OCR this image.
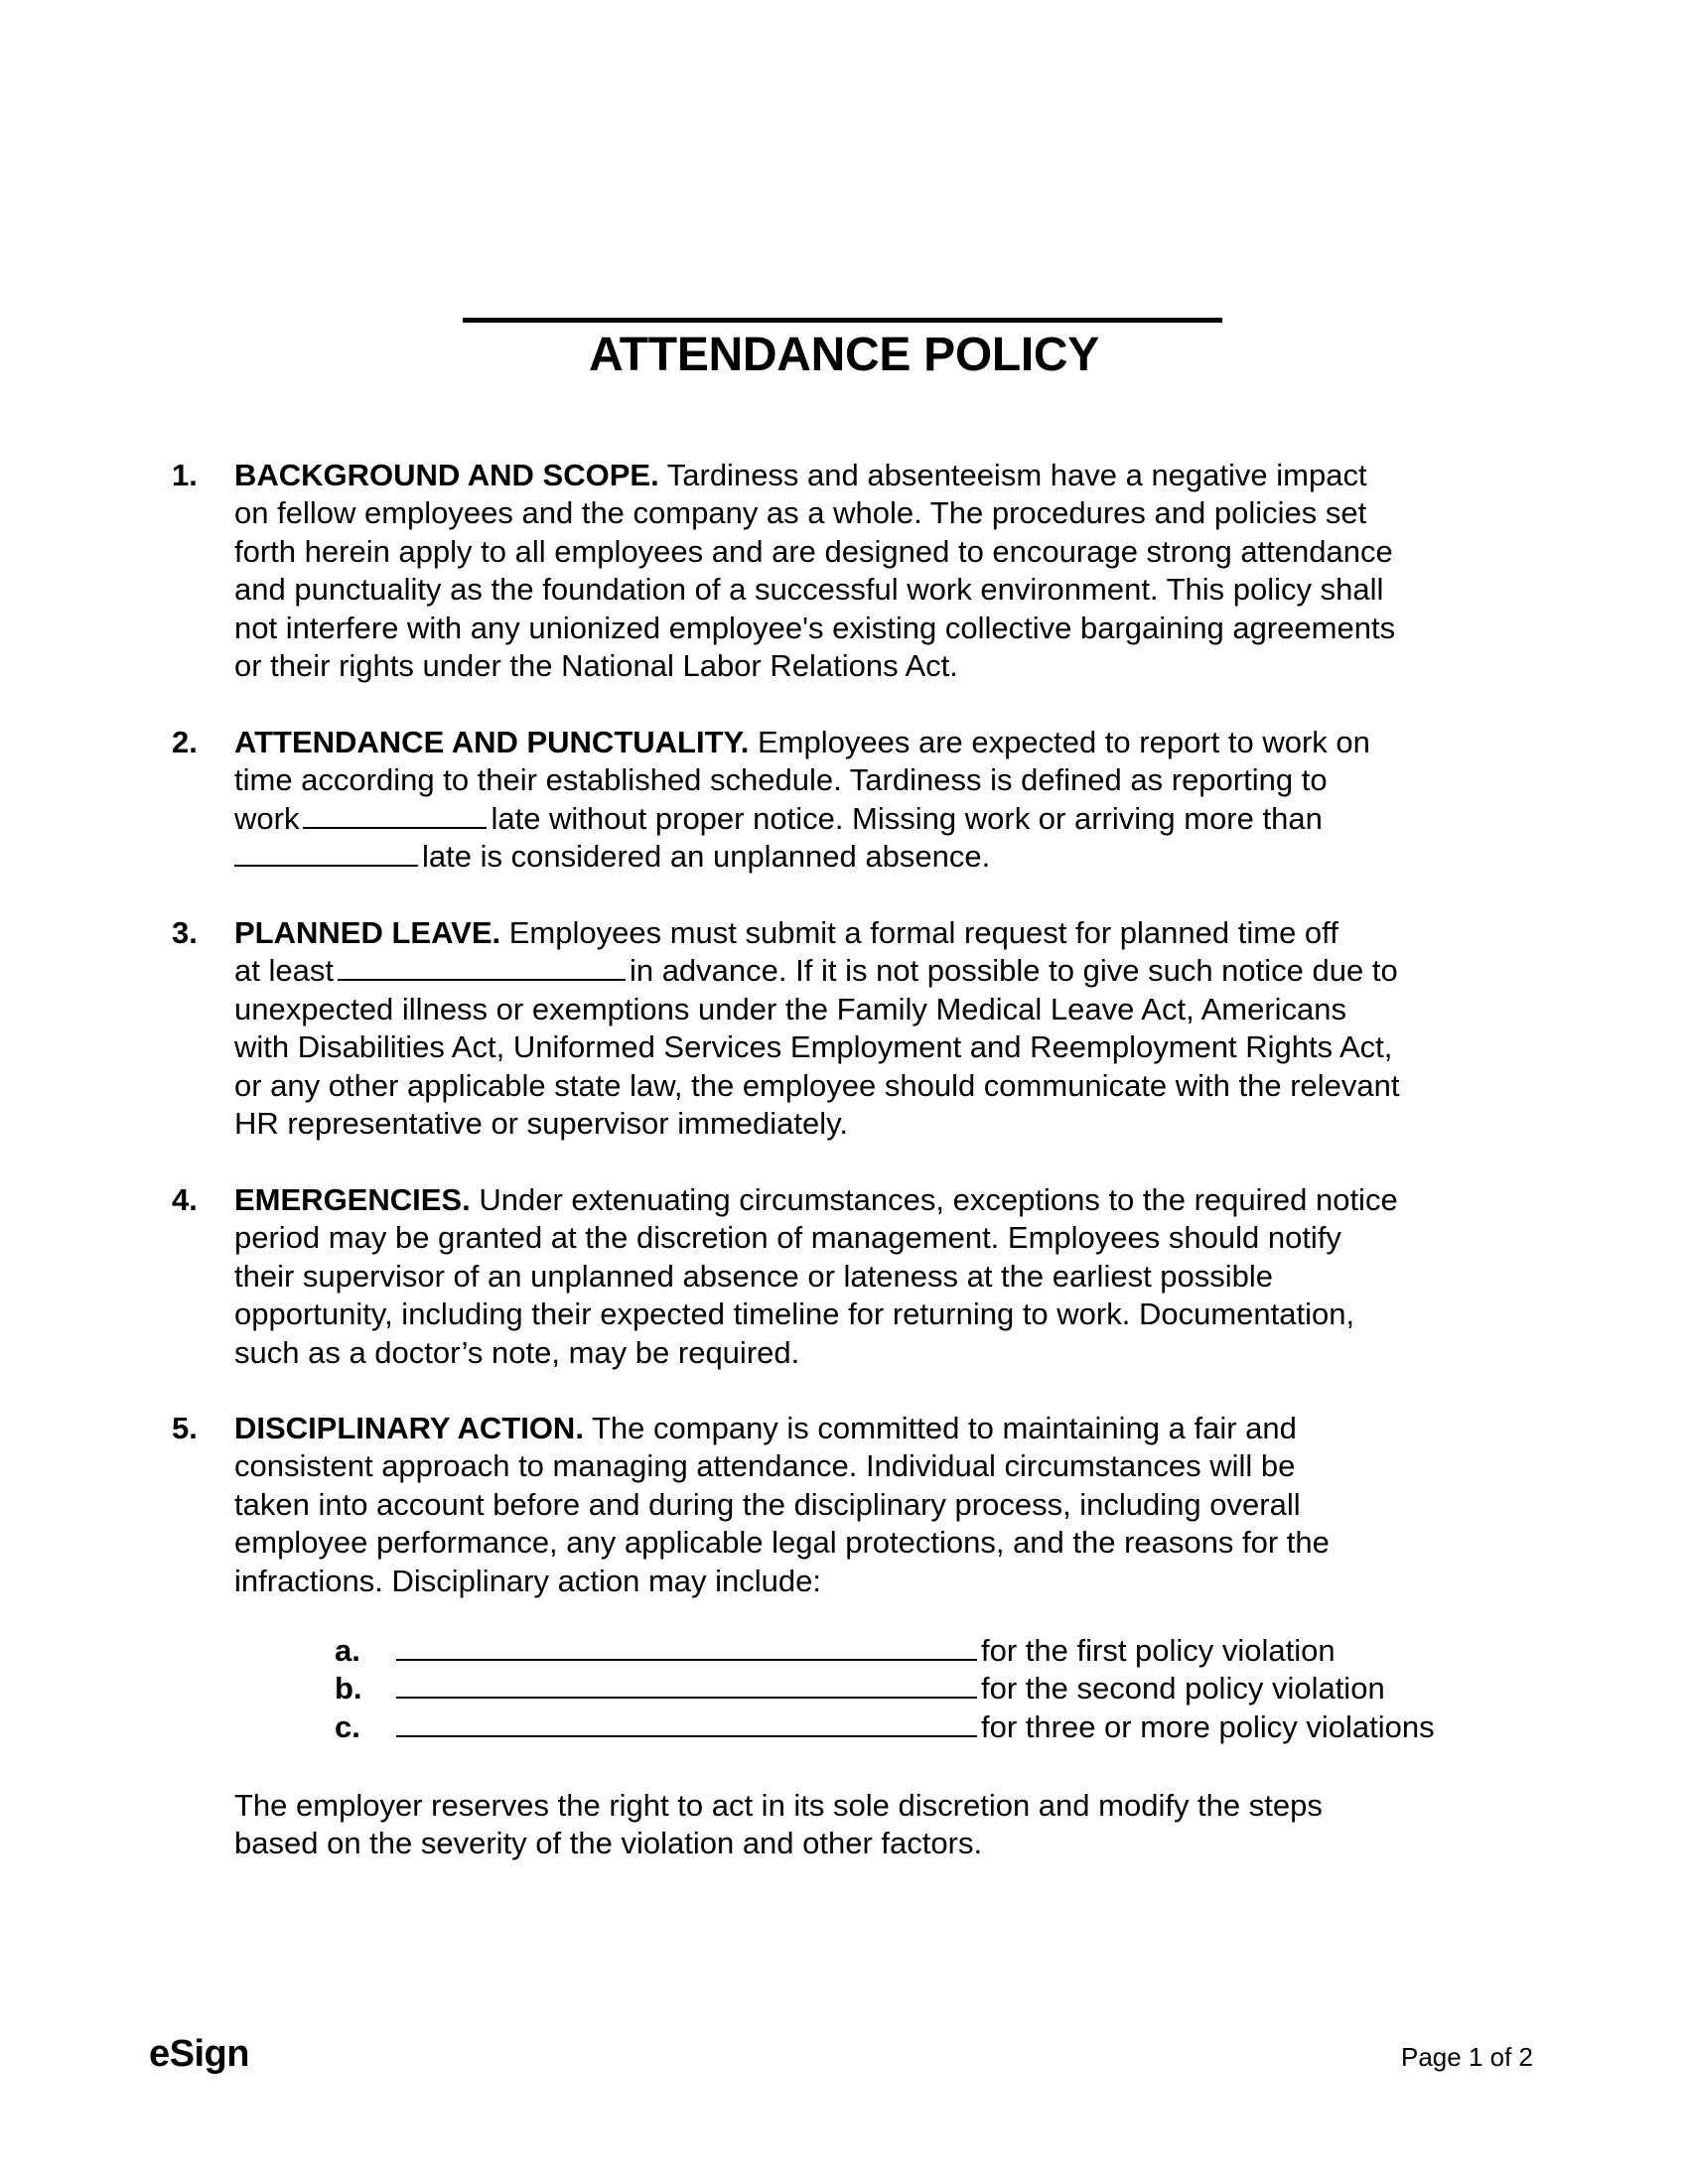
ATTENDANCE POLICY
1. BACKGROUND AND SCOPE. Tardiness and absenteeism have a negative impact
on fellow employees and the company as a whole. The procedures and policies set
forth herein apply to all employees and are designed to encourage strong attendance
and punctuality as the foundation of a successful work environment. This policy shall
not interfere with any unionized employee's existing collective bargaining agreements
or their rights under the National Labor Relations Act.
2. ATTENDANCE AND PUNCTUALITY. Employees are expected to report to work on
time according to their established schedule. Tardiness is defined as reporting to
work	late without proper notice. Missing work or arriving more than
late is considered an unplanned absence.
3. PLANNED LEAVE. Employees must submit a formal request for planned time off
at least	in advance. If it is not possible to give such notice due to
unexpected illness or exemptions under the Family Medical Leave Act, Americans
with Disabilities Act, Uniformed Services Employment and Reemployment Rights Act,
or any other applicable state law, the employee should communicate with the relevant
HR representative or supervisor immediately.
4. EMERGENCIES. Under extenuating circumstances, exceptions to the required notice
period may be granted at the discretion of management. Employees should notify
their supervisor of an unplanned absence or lateness at the earliest possible
opportunity, including their expected timeline for returning to work. Documentation,
such as a doctor’s note, may be required.
5. DISCIPLINARY ACTION. The company is committed to maintaining a fair and
consistent approach to managing attendance. Individual circumstances will be
taken into account before and during the disciplinary process, including overall
employee performance, any applicable legal protections, and the reasons for the
infractions. Disciplinary action may include:
a.	for the first policy violation
b.	for the second policy violation
c.	for three or more policy violations
The employer reserves the right to act in its sole discretion and modify the steps
based on the severity of the violation and other factors.
eSign	Page 1 of 2
